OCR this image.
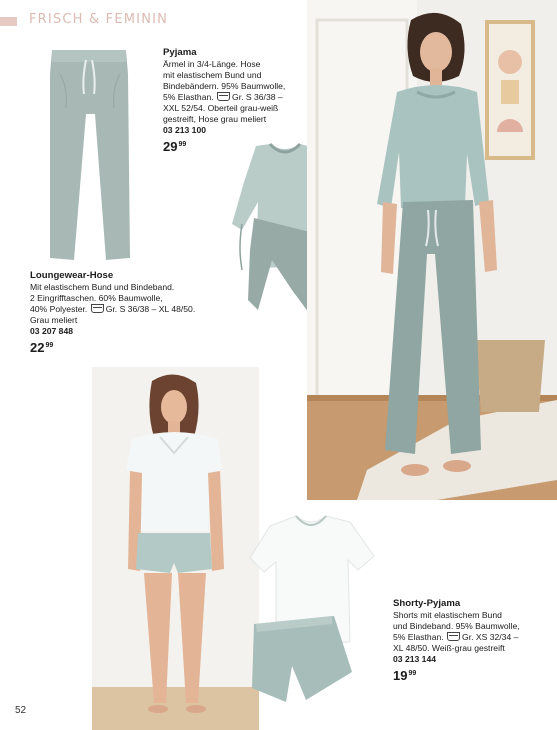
FRISCH & FEMININ
Pyjama
Ärmel in 3/4-Länge. Hose
mit elastischem Bund und
Bindebändern. 95% Baumwolle,
5% Elasthan. Gr. S 36/38 –
XXL 52/54. Oberteil grau-weiß
gestreift, Hose grau meliert
03 213 100
$29^{99}$
Loungewear-Hose
Mit elastischem Bund und Bindeband.
2 Eingrifftaschen. 60% Baumwolle,
40% Polyester. Gr. S 36/38 – XL 48/50.
Grau meliert
03 207 848
$22^{99}$
Shorty-Pyjama
Shorts mit elastischem Bund
und Bindeband. 95% Baumwolle,
5% Elasthan. Gr. XS 32/34 –
XL 48/50. Weiß-grau gestreift
03 213 144
$19^{99}$
52
